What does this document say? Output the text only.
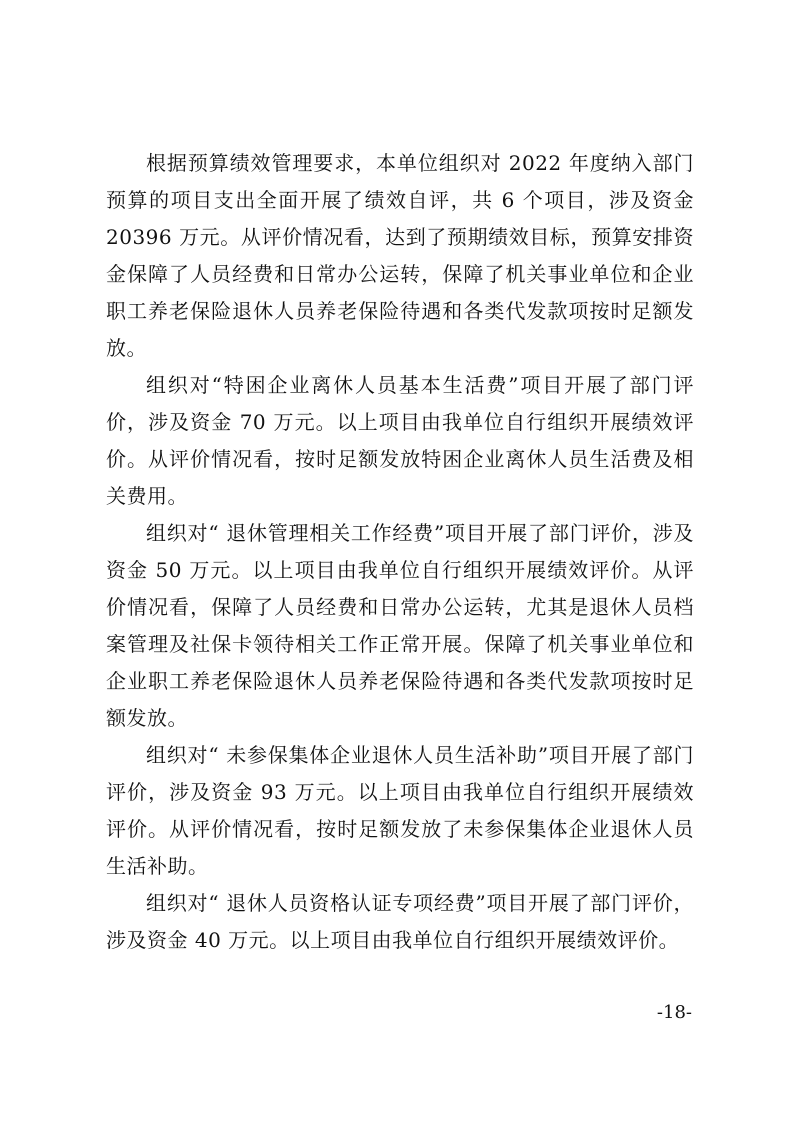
根据预算绩效管理要求，本单位组织对 2022 年度纳入部门预算的项目支出全面开展了绩效自评，共 6 个项目，涉及资金 20396 万元。从评价情况看，达到了预期绩效目标，预算安排资金保障了人员经费和日常办公运转，保障了机关事业单位和企业职工养老保险退休人员养老保险待遇和各类代发款项按时足额发放。

组织对“特困企业离休人员基本生活费”项目开展了部门评价，涉及资金 70 万元。以上项目由我单位自行组织开展绩效评价。从评价情况看，按时足额发放特困企业离休人员生活费及相关费用。

组织对“ 退休管理相关工作经费”项目开展了部门评价，涉及资金 50 万元。以上项目由我单位自行组织开展绩效评价。从评价情况看，保障了人员经费和日常办公运转，尤其是退休人员档案管理及社保卡领待相关工作正常开展。保障了机关事业单位和企业职工养老保险退休人员养老保险待遇和各类代发款项按时足额发放。

组织对“ 未参保集体企业退休人员生活补助”项目开展了部门评价，涉及资金 93 万元。以上项目由我单位自行组织开展绩效评价。从评价情况看，按时足额发放了未参保集体企业退休人员生活补助。

组织对“ 退休人员资格认证专项经费”项目开展了部门评价，涉及资金 40 万元。以上项目由我单位自行组织开展绩效评价。

-18-
